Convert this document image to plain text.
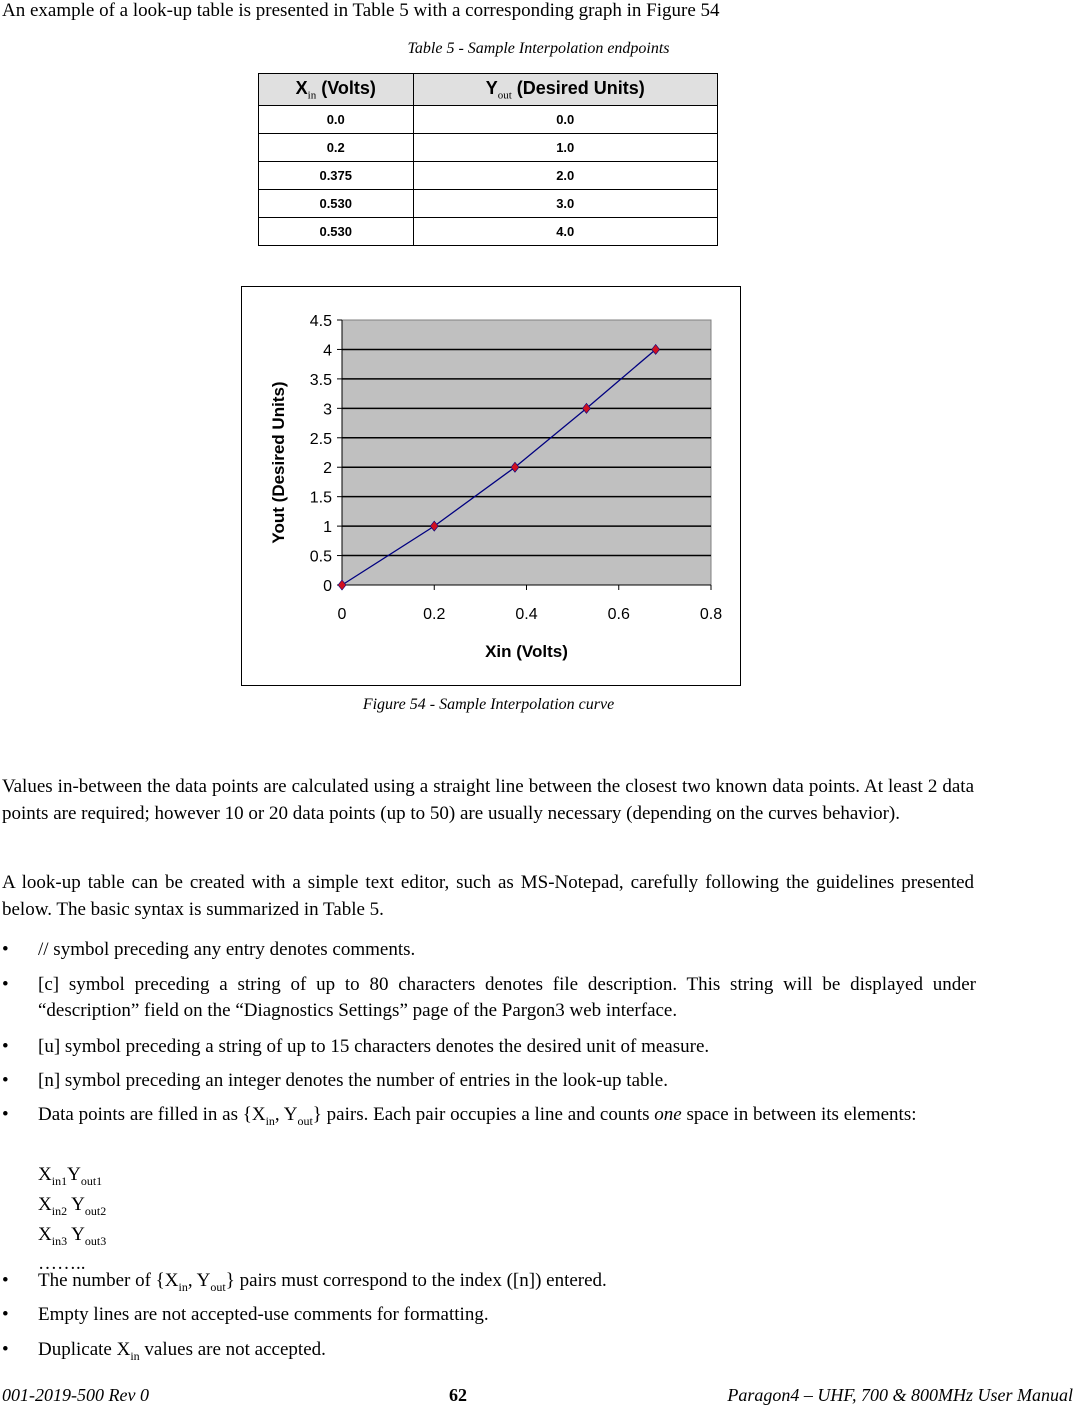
An example of a look-up table is presented in Table 5 with a corresponding graph in Figure 54
Table 5 - Sample Interpolation endpoints
$X_{in}$ (Volts)	$Y_{out}$ (Desired Units)
0.0	0.0
0.2	1.0
0.375	2.0
0.530	3.0
0.530	4.0
0
0.5
1
1.5
2
2.5
3
3.5
4
4.5
0	0.2	0.4	0.6	0.8
Xin (Volts)
Yout (Desired Units)
Figure 54 - Sample Interpolation curve
Values in-between the data points are calculated using a straight line between the closest two known data points. At least 2 data points are required; however 10 or 20 data points (up to 50) are usually necessary (depending on the curves behavior).
A look-up table can be created with a simple text editor, such as MS-Notepad, carefully following the guidelines presented below. The basic syntax is summarized in Table 5.
•	// symbol preceding any entry denotes comments.
•	[c] symbol preceding a string of up to 80 characters denotes file description. This string will be displayed under “description” field on the “Diagnostics Settings” page of the Pargon3 web interface.
•	[u] symbol preceding a string of up to 15 characters denotes the desired unit of measure.
•	[n] symbol preceding an integer denotes the number of entries in the look-up table.
•	Data points are filled in as {$X_{in}$, $Y_{out}$} pairs. Each pair occupies a line and counts one space in between its elements:
$X_{in1}Y_{out1}$
$X_{in2}$ $Y_{out2}$
$X_{in3}$ $Y_{out3}$
……..
•	The number of {$X_{in}$, $Y_{out}$} pairs must correspond to the index ([n]) entered.
•	Empty lines are not accepted-use comments for formatting.
•	Duplicate $X_{in}$ values are not accepted.
001-2019-500 Rev 0	62	Paragon4 – UHF, 700 & 800MHz User Manual
